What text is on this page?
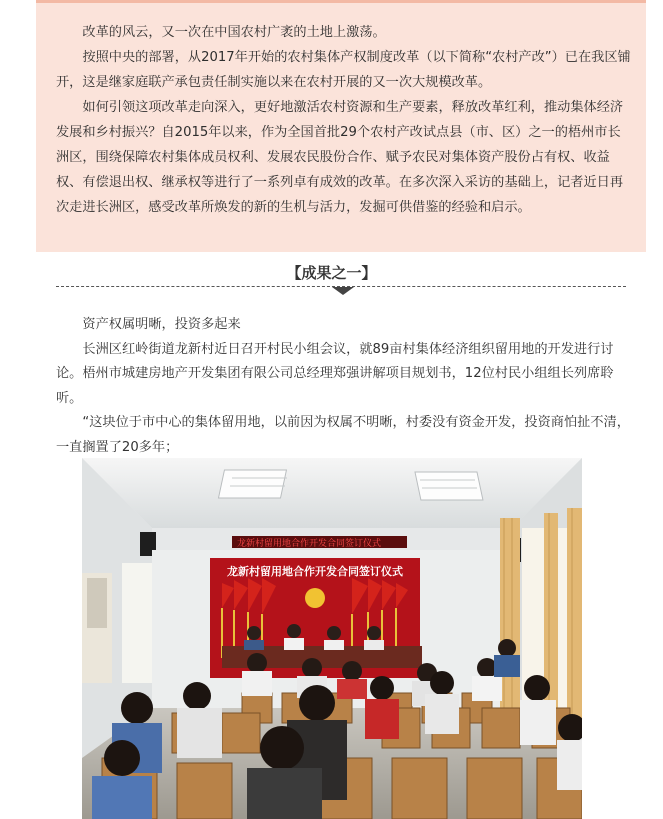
改革的风云，又一次在中国农村广袤的土地上激荡。

按照中央的部署，从2017年开始的农村集体产权制度改革（以下简称“农村产改”）已在我区铺开，这是继家庭联产承包责任制实施以来在农村开展的又一次大规模改革。

如何引领这项改革走向深入，更好地激活农村资源和生产要素，释放改革红利，推动集体经济发展和乡村振兴？自2015年以来，作为全国首批29个农村产改试点县（市、区）之一的梧州市长洲区，围绕保障农村集体成员权利、发展农民股份合作、赋予农民对集体资产股份占有权、收益权、有偿退出权、继承权等进行了一系列卓有成效的改革。在多次深入采访的基础上，记者近日再次走进长洲区，感受改革所焕发的新的生机与活力，发掘可供借鉴的经验和启示。

【成果之一】

资产权属明晰，投资多起来

长洲区红岭街道龙新村近日召开村民小组会议，就89亩村集体经济组织留用地的开发进行讨论。梧州市城建房地产开发集团有限公司总经理郑强讲解项目规划书，12位村民小组组长列席聆听。

“这块位于市中心的集体留用地，以前因为权属不明晰，村委没有资金开发，投资商怕扯不清，一直搁置了20多年；

龙新村留用地合作开发合同签订仪式
龙新村留用地合作开发合同签订仪式
